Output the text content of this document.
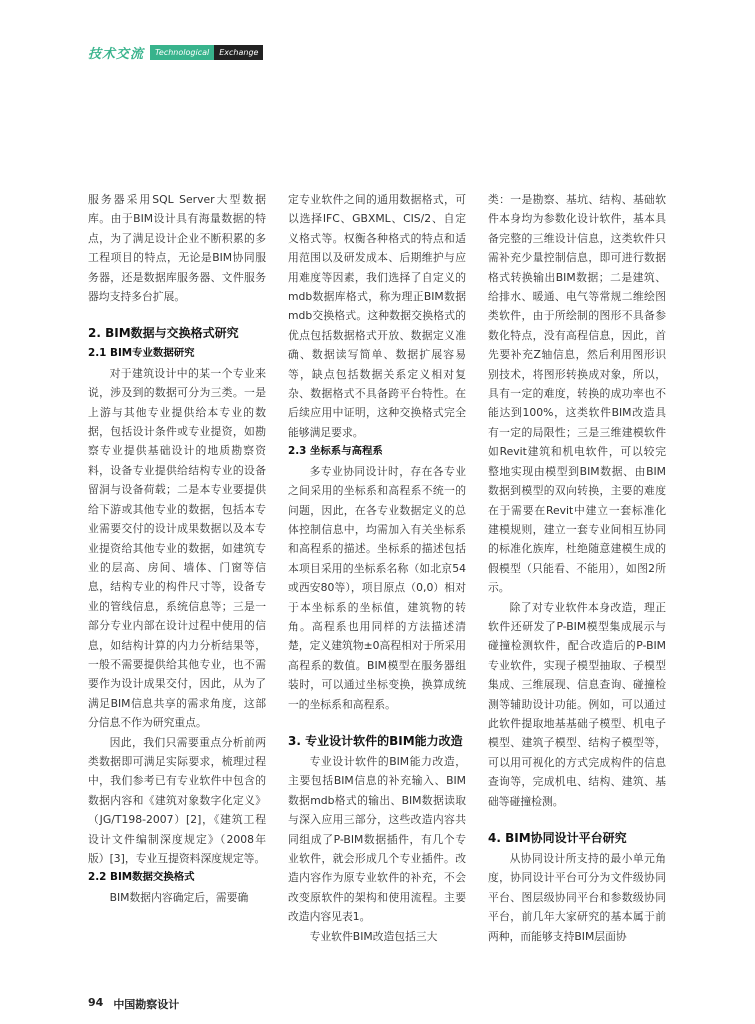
技术交流	Technological	Exchange

服务器采用SQL Server大型数据库。由于BIM设计具有海量数据的特点，为了满足设计企业不断积累的多工程项目的特点，无论是BIM协同服务器，还是数据库服务器、文件服务器均支持多台扩展。

2. BIM数据与交换格式研究
2.1 BIM专业数据研究

对于建筑设计中的某一个专业来说，涉及到的数据可分为三类。一是上游与其他专业提供给本专业的数据，包括设计条件或专业提资，如勘察专业提供基础设计的地质勘察资料，设备专业提供给结构专业的设备留洞与设备荷载；二是本专业要提供给下游或其他专业的数据，包括本专业需要交付的设计成果数据以及本专业提资给其他专业的数据，如建筑专业的层高、房间、墙体、门窗等信息，结构专业的构件尺寸等，设备专业的管线信息，系统信息等；三是一部分专业内部在设计过程中使用的信息，如结构计算的内力分析结果等，一般不需要提供给其他专业，也不需要作为设计成果交付，因此，从为了满足BIM信息共享的需求角度，这部分信息不作为研究重点。

因此，我们只需要重点分析前两类数据即可满足实际要求，梳理过程中，我们参考已有专业软件中包含的数据内容和《建筑对象数字化定义》（JG/T198-2007）[2]，《建筑工程设计文件编制深度规定》（2008年版）[3]，专业互提资料深度规定等。

2.2 BIM数据交换格式

BIM数据内容确定后，需要确

定专业软件之间的通用数据格式，可以选择IFC、GBXML、CIS/2、自定义格式等。权衡各种格式的特点和适用范围以及研发成本、后期维护与应用难度等因素，我们选择了自定义的mdb数据库格式，称为理正BIM数据mdb交换格式。这种数据交换格式的优点包括数据格式开放、数据定义准确、数据读写简单、数据扩展容易等，缺点包括数据关系定义相对复杂、数据格式不具备跨平台特性。在后续应用中证明，这种交换格式完全能够满足要求。

2.3 坐标系与高程系

多专业协同设计时，存在各专业之间采用的坐标系和高程系不统一的问题，因此，在各专业数据定义的总体控制信息中，均需加入有关坐标系和高程系的描述。坐标系的描述包括本项目采用的坐标系名称（如北京54或西安80等），项目原点（0,0）相对于本坐标系的坐标值，建筑物的转角。高程系也用同样的方法描述清楚，定义建筑物±0高程相对于所采用高程系的数值。BIM模型在服务器组装时，可以通过坐标变换，换算成统一的坐标系和高程系。

3. 专业设计软件的BIM能力改造

专业设计软件的BIM能力改造，主要包括BIM信息的补充输入、BIM数据mdb格式的输出、BIM数据读取与深入应用三部分，这些改造内容共同组成了P-BIM数据插件，有几个专业软件，就会形成几个专业插件。改造内容作为原专业软件的补充，不会改变原软件的架构和使用流程。主要改造内容见表1。

专业软件BIM改造包括三大

类：一是勘察、基坑、结构、基础软件本身均为参数化设计软件，基本具备完整的三维设计信息，这类软件只需补充少量控制信息，即可进行数据格式转换输出BIM数据；二是建筑、给排水、暖通、电气等常规二维绘图类软件，由于所绘制的图形不具备参数化特点，没有高程信息，因此，首先要补充Z轴信息，然后利用图形识别技术，将图形转换成对象，所以，具有一定的难度，转换的成功率也不能达到100%，这类软件BIM改造具有一定的局限性；三是三维建模软件如Revit建筑和机电软件，可以较完整地实现由模型到BIM数据、由BIM数据到模型的双向转换，主要的难度在于需要在Revit中建立一套标准化建模规则，建立一套专业间相互协同的标准化族库，杜绝随意建模生成的假模型（只能看、不能用），如图2所示。

除了对专业软件本身改造，理正软件还研发了P-BIM模型集成展示与碰撞检测软件，配合改造后的P-BIM专业软件，实现子模型抽取、子模型集成、三维展现、信息查询、碰撞检测等辅助设计功能。例如，可以通过此软件提取地基基础子模型、机电子模型、建筑子模型、结构子模型等，可以用可视化的方式完成构件的信息查询等，完成机电、结构、建筑、基础等碰撞检测。

4. BIM协同设计平台研究

从协同设计所支持的最小单元角度，协同设计平台可分为文件级协同平台、图层级协同平台和参数级协同平台，前几年大家研究的基本属于前两种，而能够支持BIM层面协

94 中国勘察设计
